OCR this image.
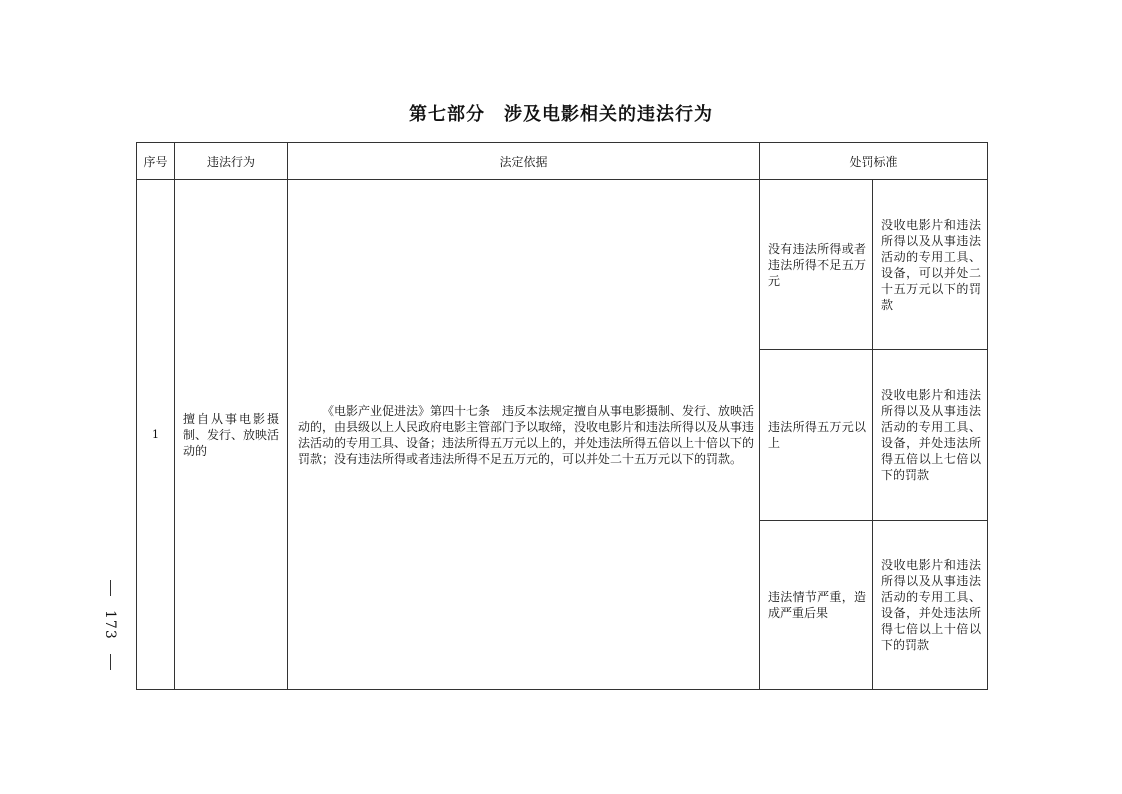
第七部分　涉及电影相关的违法行为
序号	违法行为	法定依据	处罚标准	
1	擅自从事电影摄制、发行、放映活动的	《电影产业促进法》第四十七条　违反本法规定擅自从事电影摄制、发行、放映活动的，由县级以上人民政府电影主管部门予以取缔，没收电影片和违法所得以及从事违法活动的专用工具、设备；违法所得五万元以上的，并处违法所得五倍以上十倍以下的罚款；没有违法所得或者违法所得不足五万元的，可以并处二十五万元以下的罚款。	没有违法所得或者违法所得不足五万元	没收电影片和违法所得以及从事违法活动的专用工具、设备，可以并处二十五万元以下的罚款
			违法所得五万元以上	没收电影片和违法所得以及从事违法活动的专用工具、设备，并处违法所得五倍以上七倍以下的罚款
			违法情节严重，造成严重后果	没收电影片和违法所得以及从事违法活动的专用工具、设备，并处违法所得七倍以上十倍以下的罚款
173
